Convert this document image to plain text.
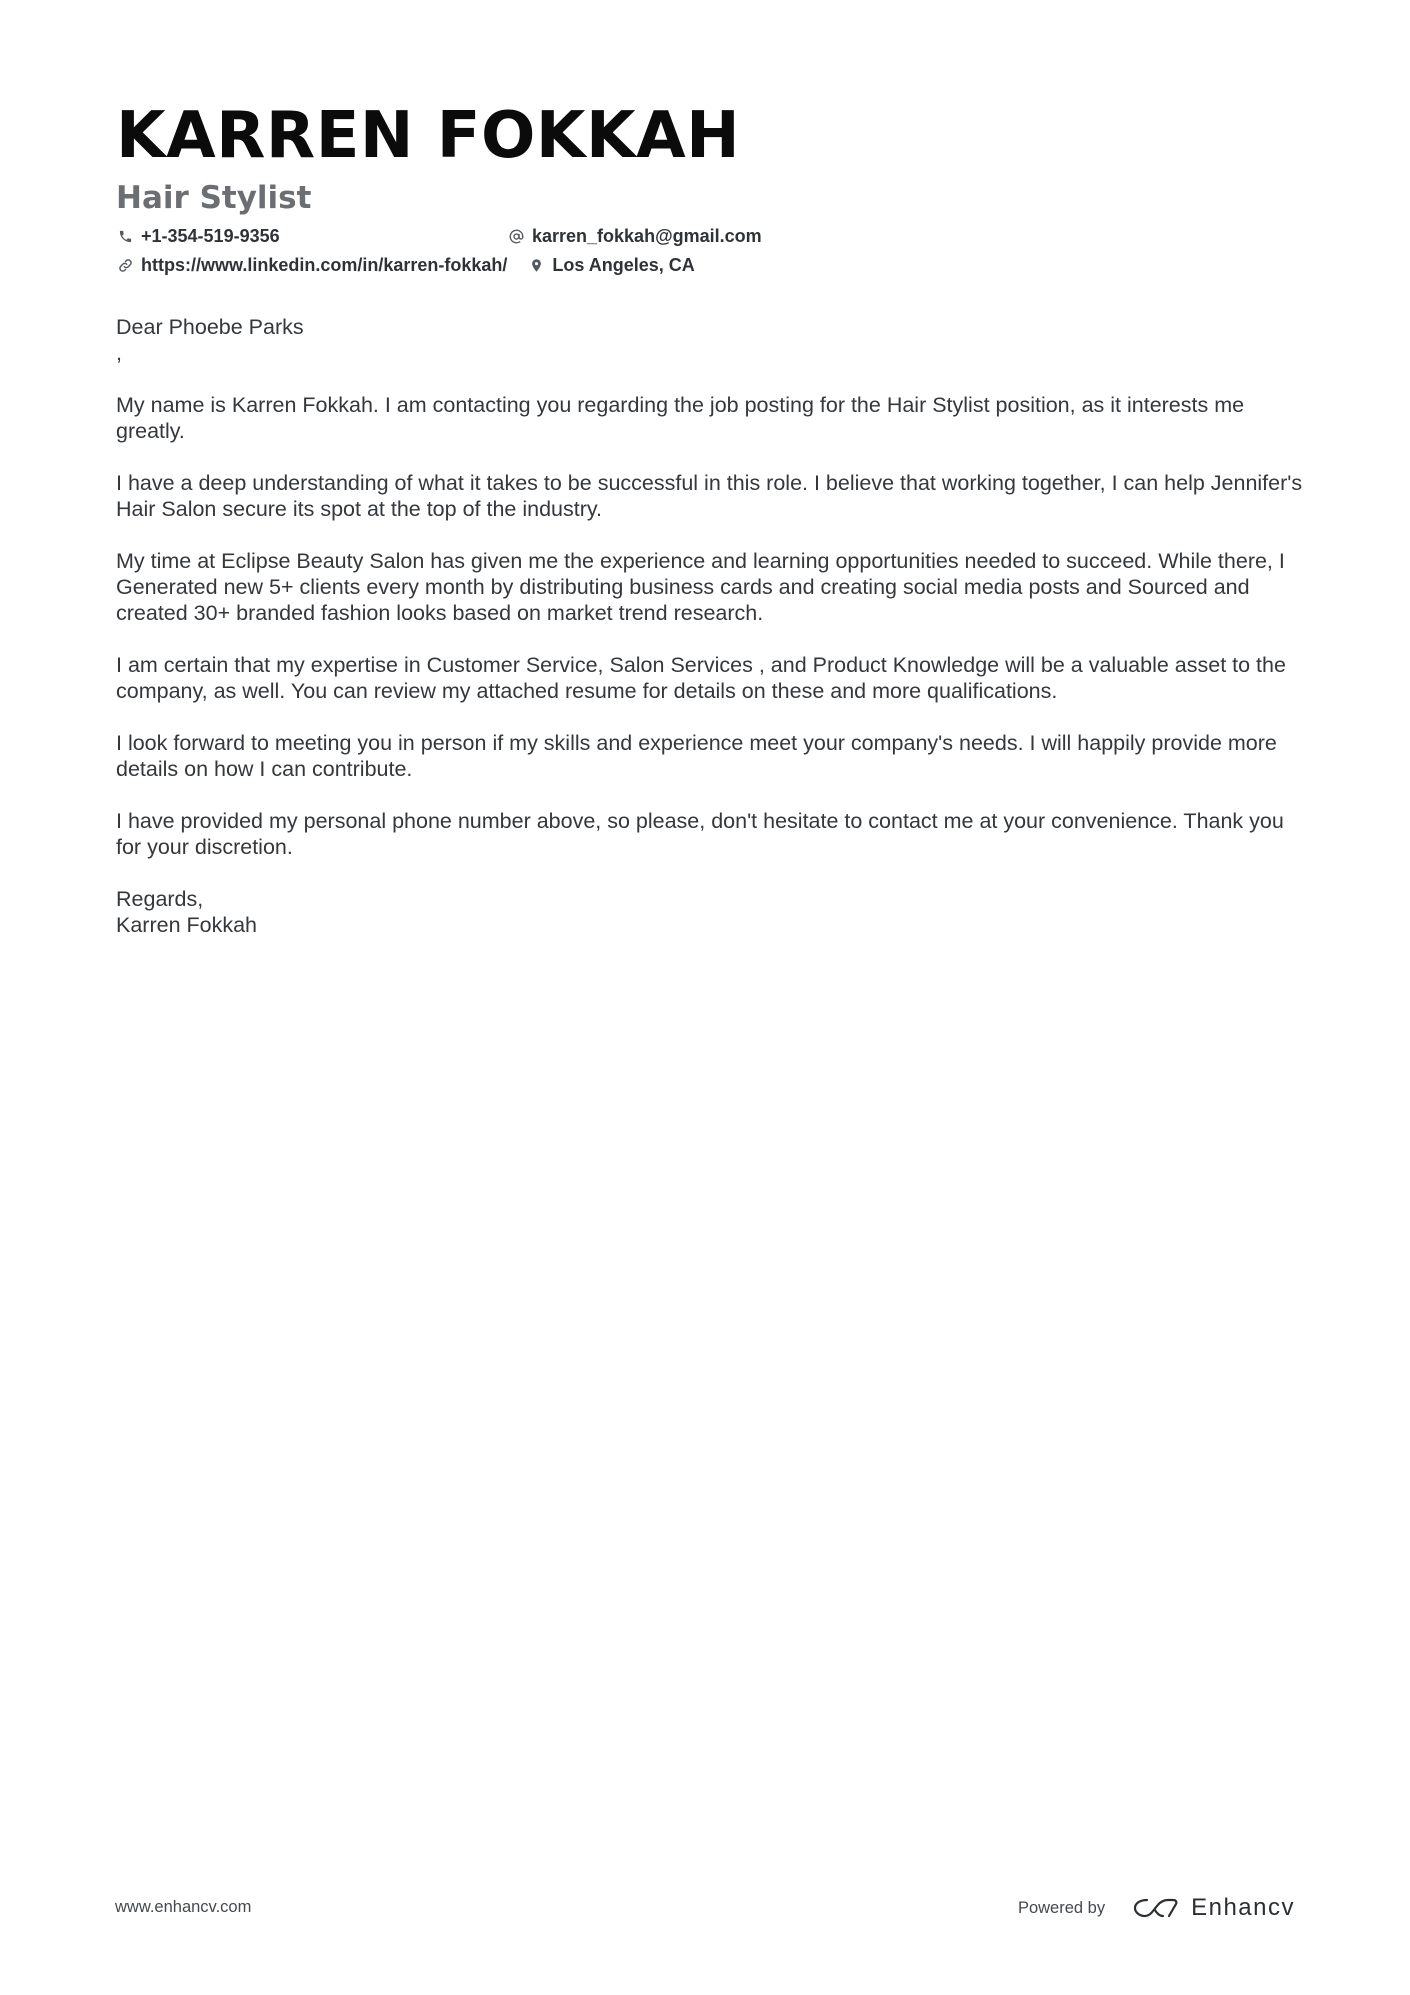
KARREN FOKKAH
Hair Stylist
+1-354-519-9356	karren_fokkah@gmail.com
https://www.linkedin.com/in/karren-fokkah/	Los Angeles, CA

Dear Phoebe Parks

,

My name is Karren Fokkah. I am contacting you regarding the job posting for the Hair Stylist position, as it interests me greatly.

I have a deep understanding of what it takes to be successful in this role. I believe that working together, I can help Jennifer's Hair Salon secure its spot at the top of the industry.

My time at Eclipse Beauty Salon has given me the experience and learning opportunities needed to succeed. While there, I Generated new 5+ clients every month by distributing business cards and creating social media posts and Sourced and created 30+ branded fashion looks based on market trend research.

I am certain that my expertise in Customer Service, Salon Services , and Product Knowledge will be a valuable asset to the company, as well. You can review my attached resume for details on these and more qualifications.

I look forward to meeting you in person if my skills and experience meet your company's needs. I will happily provide more details on how I can contribute.

I have provided my personal phone number above, so please, don't hesitate to contact me at your convenience. Thank you for your discretion.

Regards,

Karren Fokkah

www.enhancv.com	Powered by	Enhancv
